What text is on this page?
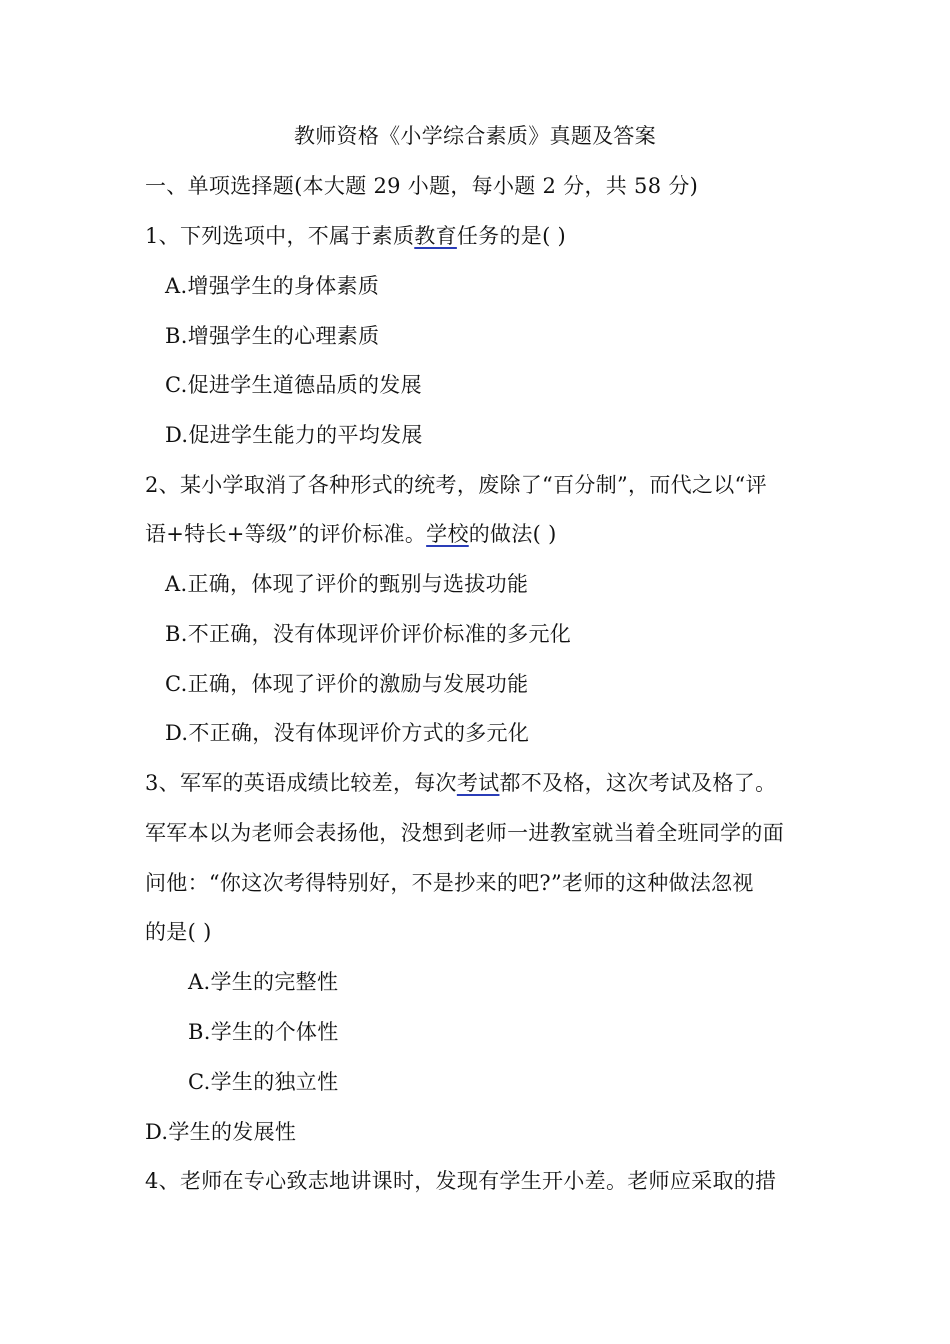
教师资格《小学综合素质》真题及答案
一、单项选择题(本大题 29 小题，每小题 2 分，共 58 分)
1、下列选项中，不属于素质教育任务的是( )
A.增强学生的身体素质
B.增强学生的心理素质
C.促进学生道德品质的发展
D.促进学生能力的平均发展
2、某小学取消了各种形式的统考，废除了“百分制”，而代之以“评
语+特长+等级”的评价标准。学校的做法( )
A.正确，体现了评价的甄别与选拔功能
B.不正确，没有体现评价评价标准的多元化
C.正确，体现了评价的激励与发展功能
D.不正确，没有体现评价方式的多元化
3、军军的英语成绩比较差，每次考试都不及格，这次考试及格了。
军军本以为老师会表扬他，没想到老师一进教室就当着全班同学的面
问他：“你这次考得特别好，不是抄来的吧?”老师的这种做法忽视
的是( )
A.学生的完整性
B.学生的个体性
C.学生的独立性
D.学生的发展性
4、老师在专心致志地讲课时，发现有学生开小差。老师应采取的措
